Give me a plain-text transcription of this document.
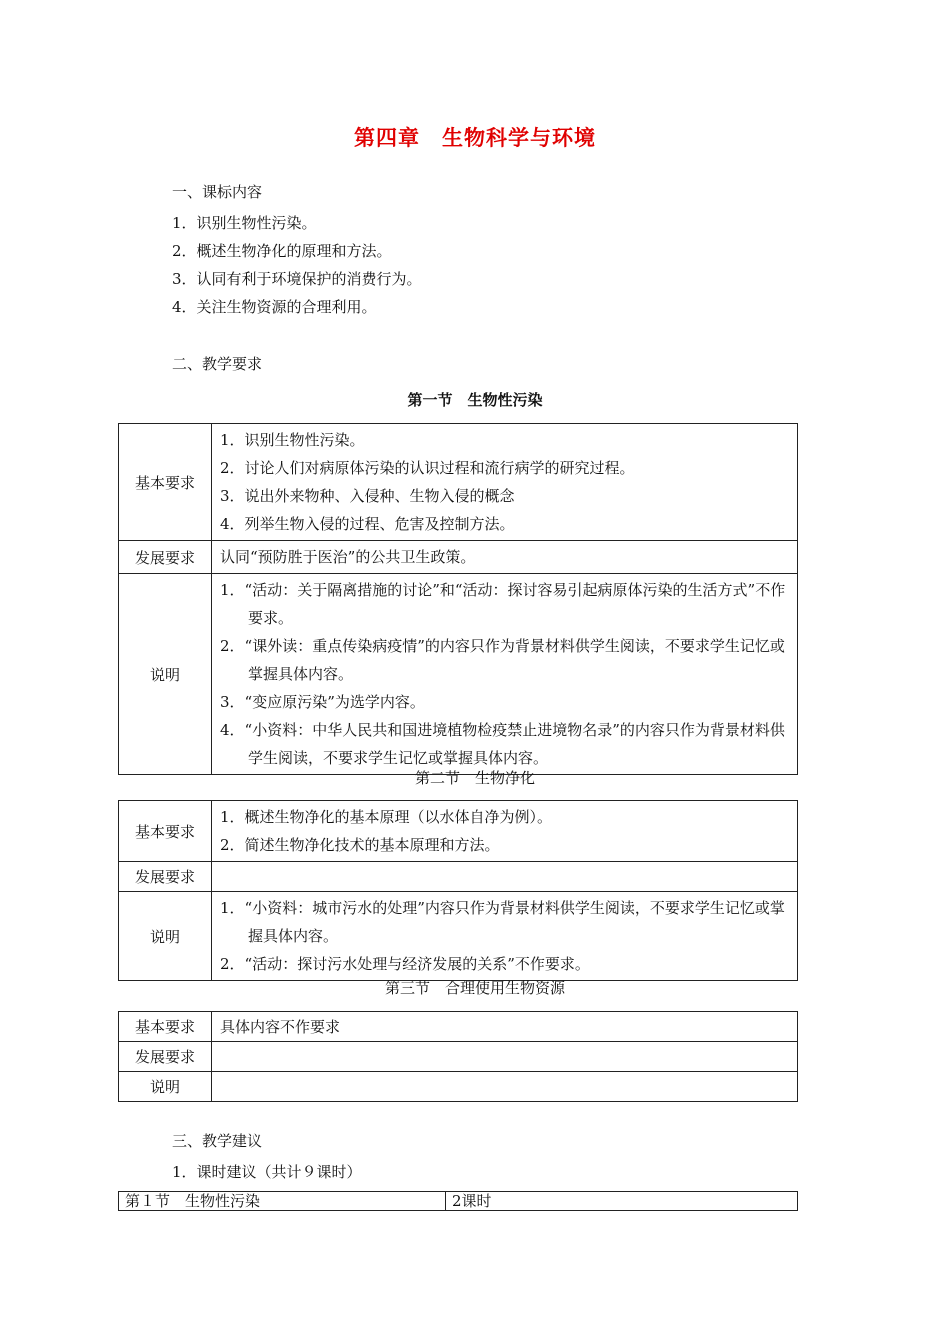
第四章　生物科学与环境
一、课标内容
1．识别生物性污染。
2．概述生物净化的原理和方法。
3．认同有利于环境保护的消费行为。
4．关注生物资源的合理利用。
二、教学要求
第一节　生物性污染
基本要求	1．识别生物性污染。
2．讨论人们对病原体污染的认识过程和流行病学的研究过程。
3．说出外来物种、入侵种、生物入侵的概念
4．列举生物入侵的过程、危害及控制方法。

发展要求	认同“预防胜于医治”的公共卫生政策。

说明	1．“活动：关于隔离措施的讨论”和“活动：探讨容易引起病原体污染的生活方式”不作要求。
2．“课外读：重点传染病疫情”的内容只作为背景材料供学生阅读，不要求学生记忆或掌握具体内容。
3．“变应原污染”为选学内容。
4．“小资料：中华人民共和国进境植物检疫禁止进境物名录”的内容只作为背景材料供学生阅读，不要求学生记忆或掌握具体内容。
第二节　生物净化
基本要求	1．概述生物净化的基本原理（以水体自净为例）。
2．简述生物净化技术的基本原理和方法。

发展要求	
说明	1．“小资料：城市污水的处理”内容只作为背景材料供学生阅读，不要求学生记忆或掌握具体内容。
2．“活动：探讨污水处理与经济发展的关系”不作要求。
第三节　合理使用生物资源
基本要求	具体内容不作要求
发展要求	
说明	
三、教学建议
1．课时建议（共计９课时）
第１节　生物性污染	2课时
